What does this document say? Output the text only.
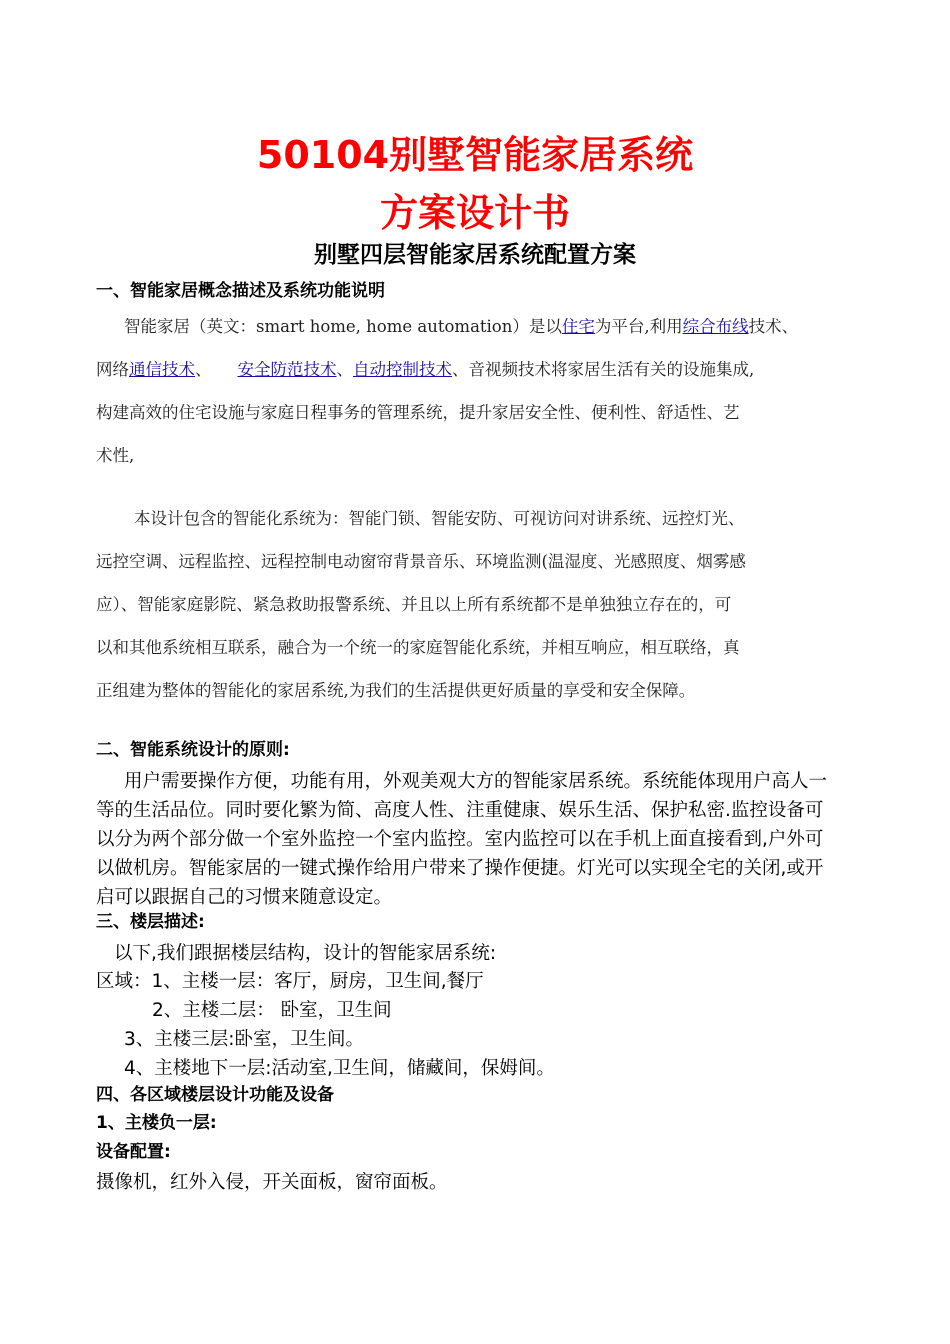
50104别墅智能家居系统
方案设计书
别墅四层智能家居系统配置方案
一、智能家居概念描述及系统功能说明
智能家居（英文：smart home, home automation）是以住宅为平台,利用综合布线技术、
网络通信技术、 安全防范技术、自动控制技术、音视频技术将家居生活有关的设施集成,
构建高效的住宅设施与家庭日程事务的管理系统，提升家居安全性、便利性、舒适性、艺
术性,
本设计包含的智能化系统为：智能门锁、智能安防、可视访问对讲系统、远控灯光、
远控空调、远程监控、远程控制电动窗帘背景音乐、环境监测(温湿度、光感照度、烟雾感
应）、智能家庭影院、紧急救助报警系统、并且以上所有系统都不是单独独立存在的，可
以和其他系统相互联系，融合为一个统一的家庭智能化系统，并相互响应，相互联络，真
正组建为整体的智能化的家居系统,为我们的生活提供更好质量的享受和安全保障。
二、智能系统设计的原则:
用户需要操作方便，功能有用，外观美观大方的智能家居系统。系统能体现用户高人一
等的生活品位。同时要化繁为简、高度人性、注重健康、娱乐生活、保护私密.监控设备可
以分为两个部分做一个室外监控一个室内监控。室内监控可以在手机上面直接看到,户外可
以做机房。智能家居的一键式操作给用户带来了操作便捷。灯光可以实现全宅的关闭,或开
启可以跟据自己的习惯来随意设定。
三、楼层描述:
以下,我们跟据楼层结构，设计的智能家居系统:
区域：1、主楼一层：客厅，厨房，卫生间,餐厅
2、主楼二层： 卧室，卫生间
3、主楼三层:卧室，卫生间。
4、主楼地下一层:活动室,卫生间，储藏间，保姆间。
四、各区域楼层设计功能及设备
1、主楼负一层:
设备配置:
摄像机，红外入侵，开关面板，窗帘面板。
